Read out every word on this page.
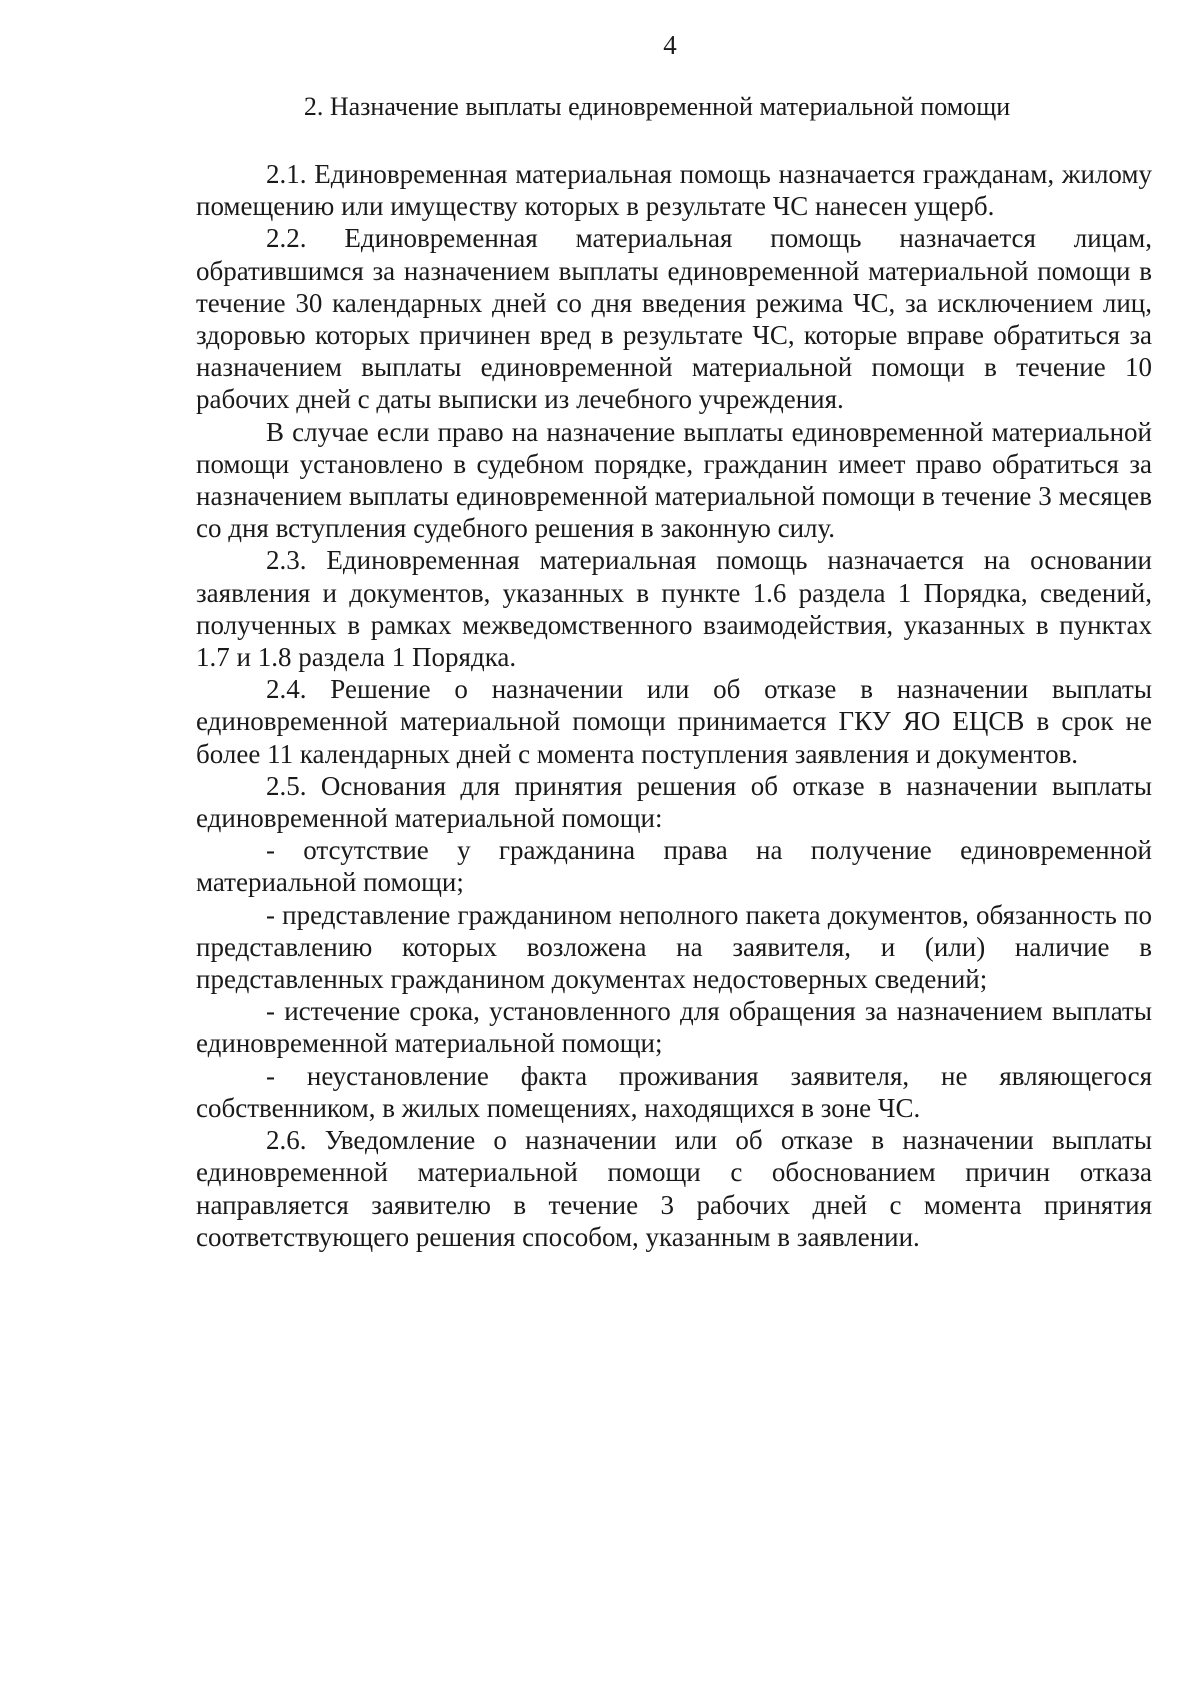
4
2. Назначение выплаты единовременной материальной помощи

2.1. Единовременная материальная помощь назначается гражданам, жилому помещению или имуществу которых в результате ЧС нанесен ущерб.

2.2. Единовременная материальная помощь назначается лицам, обратившимся за назначением выплаты единовременной материальной помощи в течение 30 календарных дней со дня введения режима ЧС, за исключением лиц, здоровью которых причинен вред в результате ЧС, которые вправе обратиться за назначением выплаты единовременной материальной помощи в течение 10 рабочих дней с даты выписки из лечебного учреждения.

В случае если право на назначение выплаты единовременной материальной помощи установлено в судебном порядке, гражданин имеет право обратиться за назначением выплаты единовременной материальной помощи в течение 3 месяцев со дня вступления судебного решения в законную силу.

2.3. Единовременная материальная помощь назначается на основании заявления и документов, указанных в пункте 1.6 раздела 1 Порядка, сведений, полученных в рамках межведомственного взаимодействия, указанных в пунктах 1.7 и 1.8 раздела 1 Порядка.

2.4. Решение о назначении или об отказе в назначении выплаты единовременной материальной помощи принимается ГКУ ЯО ЕЦСВ в срок не более 11 календарных дней с момента поступления заявления и документов.

2.5. Основания для принятия решения об отказе в назначении выплаты единовременной материальной помощи:

- отсутствие у гражданина права на получение единовременной материальной помощи;

- представление гражданином неполного пакета документов, обязанность по представлению которых возложена на заявителя, и (или) наличие в представленных гражданином документах недостоверных сведений;

- истечение срока, установленного для обращения за назначением выплаты единовременной материальной помощи;

- неустановление факта проживания заявителя, не являющегося собственником, в жилых помещениях, находящихся в зоне ЧС.

2.6. Уведомление о назначении или об отказе в назначении выплаты единовременной материальной помощи с обоснованием причин отказа направляется заявителю в течение 3 рабочих дней с момента принятия соответствующего решения способом, указанным в заявлении.
